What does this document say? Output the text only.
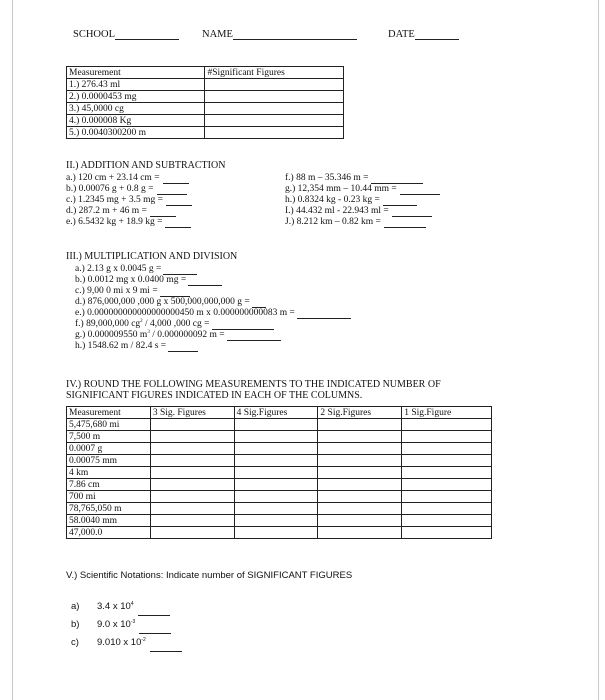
SCHOOL	NAME	DATE
Measurement	#Significant Figures
1.) 276.43 ml	
2.) 0.0000453 mg	
3.) 45,0000 cg	
4.) 0.000008 Kg	
5.) 0.0040300200 m	
II.) ADDITION AND SUBTRACTION
a.) 120 cm + 23.14 cm =
b.) 0.00076 g + 0.8 g =
c.) 1.2345 mg + 3.5 mg =
d.) 287.2 m + 46 m =
e.) 6.5432 kg + 18.9 kg =
f.) 88 m – 35.346 m =
g.) 12,354 mm – 10.44 mm =
h.) 0.8324 kg - 0.23 kg =
I.) 44.432 ml - 22.943 ml =
J.) 8.212 km – 0.82 km =
III.) MULTIPLICATION AND DIVISION
a.) 2.13 g x 0.0045 g =
b.) 0.0012 mg x 0.0400 mg =
c.) 9,00 0 mi x 9 mi =
d.) 876,000,000 ,000 g x 500,000,000,000 g =
e.) 0.000000000000000000450 m x 0.000000000083 m =
f.) 89,000,000 $cg^2 / 4,000$ ,000 cg =
g.) 0.000009550 $m^3 / 0.000000092$ m =
h.) 1548.62 m / 82.4 s =
IV.) ROUND THE FOLLOWING MEASUREMENTS TO THE INDICATED NUMBER OF
SIGNIFICANT FIGURES INDICATED IN EACH OF THE COLUMNS.
Measurement	3 Sig. Figures	4 Sig.Figures	2 Sig.Figures	1 Sig.Figure
5,475,680 mi				
7,500 m				
0.0007 g				
0.00075 mm				
4 km				
7.86 cm				
700 mi				
78,765,050 m				
58.0040 mm				
47,000.0				
V.) Scientific Notations: Indicate number of SIGNIFICANT FIGURES
a) 3.4 x $10^4$
b) 9.0 x $10^{-3}$
c) 9.010 x $10^{-2}$
